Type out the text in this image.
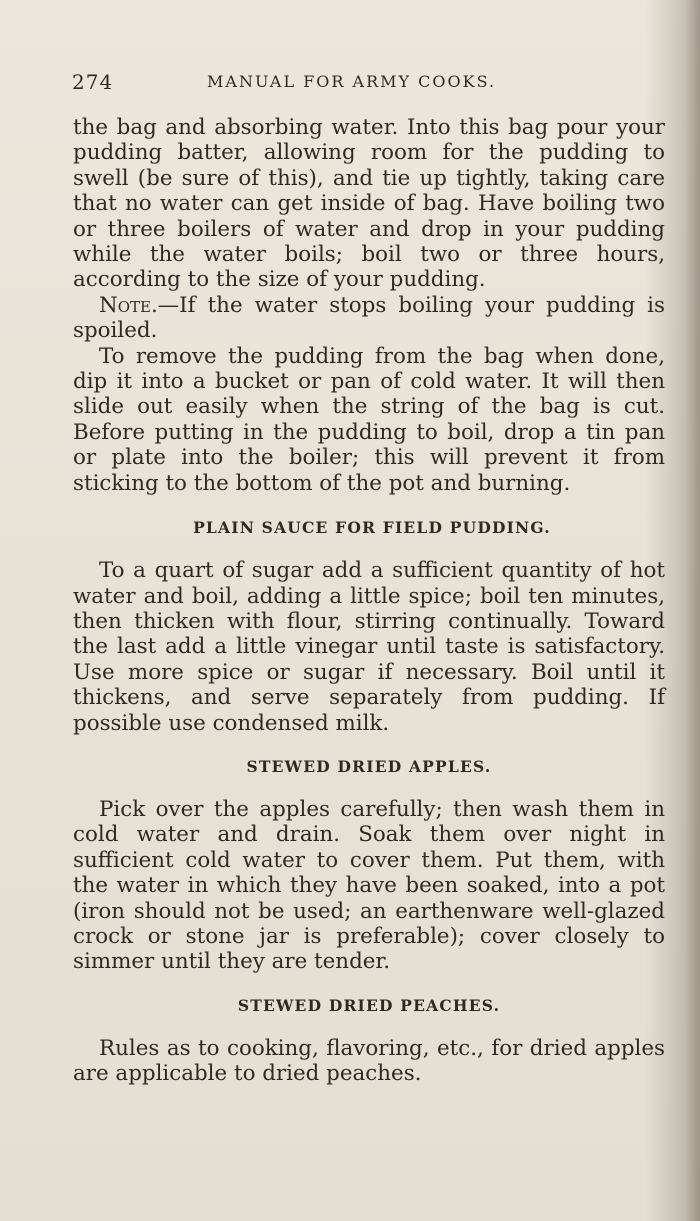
274	MANUAL FOR ARMY COOKS.

the bag and absorbing water. Into this bag pour your pudding batter, allowing room for the pudding to swell (be sure of this), and tie up tightly, taking care that no water can get inside of bag. Have boiling two or three boilers of water and drop in your pudding while the water boils; boil two or three hours, according to the size of your pudding.

Note.—If the water stops boiling your pudding is spoiled.

To remove the pudding from the bag when done, dip it into a bucket or pan of cold water. It will then slide out easily when the string of the bag is cut. Before putting in the pudding to boil, drop a tin pan or plate into the boiler; this will prevent it from sticking to the bottom of the pot and burning.

PLAIN SAUCE FOR FIELD PUDDING.

To a quart of sugar add a sufficient quantity of hot water and boil, adding a little spice; boil ten minutes, then thicken with flour, stirring continually. Toward the last add a little vinegar until taste is satisfactory. Use more spice or sugar if necessary. Boil until it thickens, and serve separately from pudding. If possible use condensed milk.

STEWED DRIED APPLES.

Pick over the apples carefully; then wash them in cold water and drain. Soak them over night in sufficient cold water to cover them. Put them, with the water in which they have been soaked, into a pot (iron should not be used; an earthenware well-glazed crock or stone jar is preferable); cover closely to simmer until they are tender.

STEWED DRIED PEACHES.

Rules as to cooking, flavoring, etc., for dried apples are applicable to dried peaches.
